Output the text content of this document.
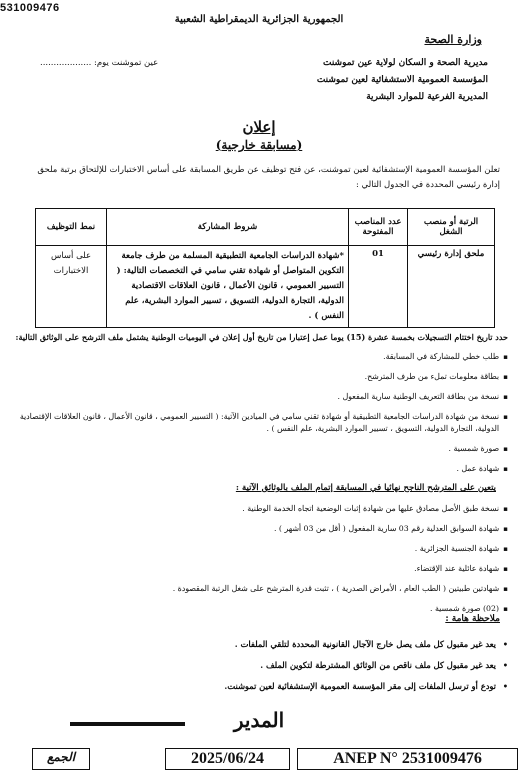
531009476
الجمهورية الجزائرية الديمقراطية الشعبية
وزارة الصحة
عين تموشنت يوم: ...................	مديرية الصحة و السكان لولاية عين تموشنت
المؤسسة العمومية الاستشفائية لعين تموشنت
المديرية الفرعية للموارد البشرية
إعلان
(مسابقة خارجية)
تعلن المؤسسة العمومية الإستشفائية لعين تموشنت، عن فتح توظيف عن طريق المسابقة على أساس الاختبارات للإلتحاق برتبة ملحق إدارة رئيسي المحددة في الجدول التالي :
الرتبة أو منصب الشغل	عدد المناصب المفتوحة	شروط المشاركة	نمط التوظيف
ملحق إدارة رئيسي	01	*شهادة الدراسات الجامعية التطبيقية المسلمة من طرف جامعة التكوين المتواصل أو شهادة تقني سامي في التخصصات التالية: ( التسيير العمومي ، قانون الأعمال ، قانون العلاقات الاقتصادية الدولية، التجارة الدولية، التسويق ، تسيير الموارد البشرية، علم النفس ) .	على أساس الاختبارات
حدد تاريخ اختتام التسجيلات بخمسة عشرة (15) يوما عمل إعتبارا من تاريخ أول إعلان في اليوميات الوطنية يشتمل ملف الترشح على الوثائق التالية:
▪ طلب خطي للمشاركة في المسابقة.
▪ بطاقة معلومات تملء من طرف المترشح.
▪ نسخة من بطاقة التعريف الوطنية سارية المفعول .
▪ نسخة من شهادة الدراسات الجامعية التطبيقية أو شهادة تقني سامي في الميادين الآتية: ( التسيير العمومي ، قانون الأعمال ، قانون العلاقات الإقتصادية الدولية، التجارة الدولية، التسويق ، تسيير الموارد البشرية، علم النفس ) .
▪ صورة شمسية .
▪ شهادة عمل .
يتعين على المترشح الناجح نهائيا في المسابقة إتمام الملف بالوثائق الآتية :
▪ نسخة طبق الأصل مصادق عليها من شهادة إثبات الوضعية اتجاه الخدمة الوطنية .
▪ شهادة السوابق العدلية رقم 03 سارية المفعول ( أقل من 03 أشهر ) .
▪ شهادة الجنسية الجزائرية .
▪ شهادة عائلية عند الإقتضاء.
▪ شهادتين طبيتين ( الطب العام ، الأمراض الصدرية ) ، تثبت قدرة المترشح على شغل الرتبة المقصودة .
▪ (02) صورة شمسية .
ملاحظة هامة :
• يعد غير مقبول كل ملف يصل خارج الآجال القانونية المحددة لتلقي الملفات .
• يعد غير مقبول كل ملف ناقص من الوثائق المشترطة لتكوين الملف .
• تودع أو ترسل الملفات إلى مقر المؤسسة العمومية الإستشفائية لعين تموشنت.
المدير
الجمع	2025/06/24	ANEP N° 2531009476
